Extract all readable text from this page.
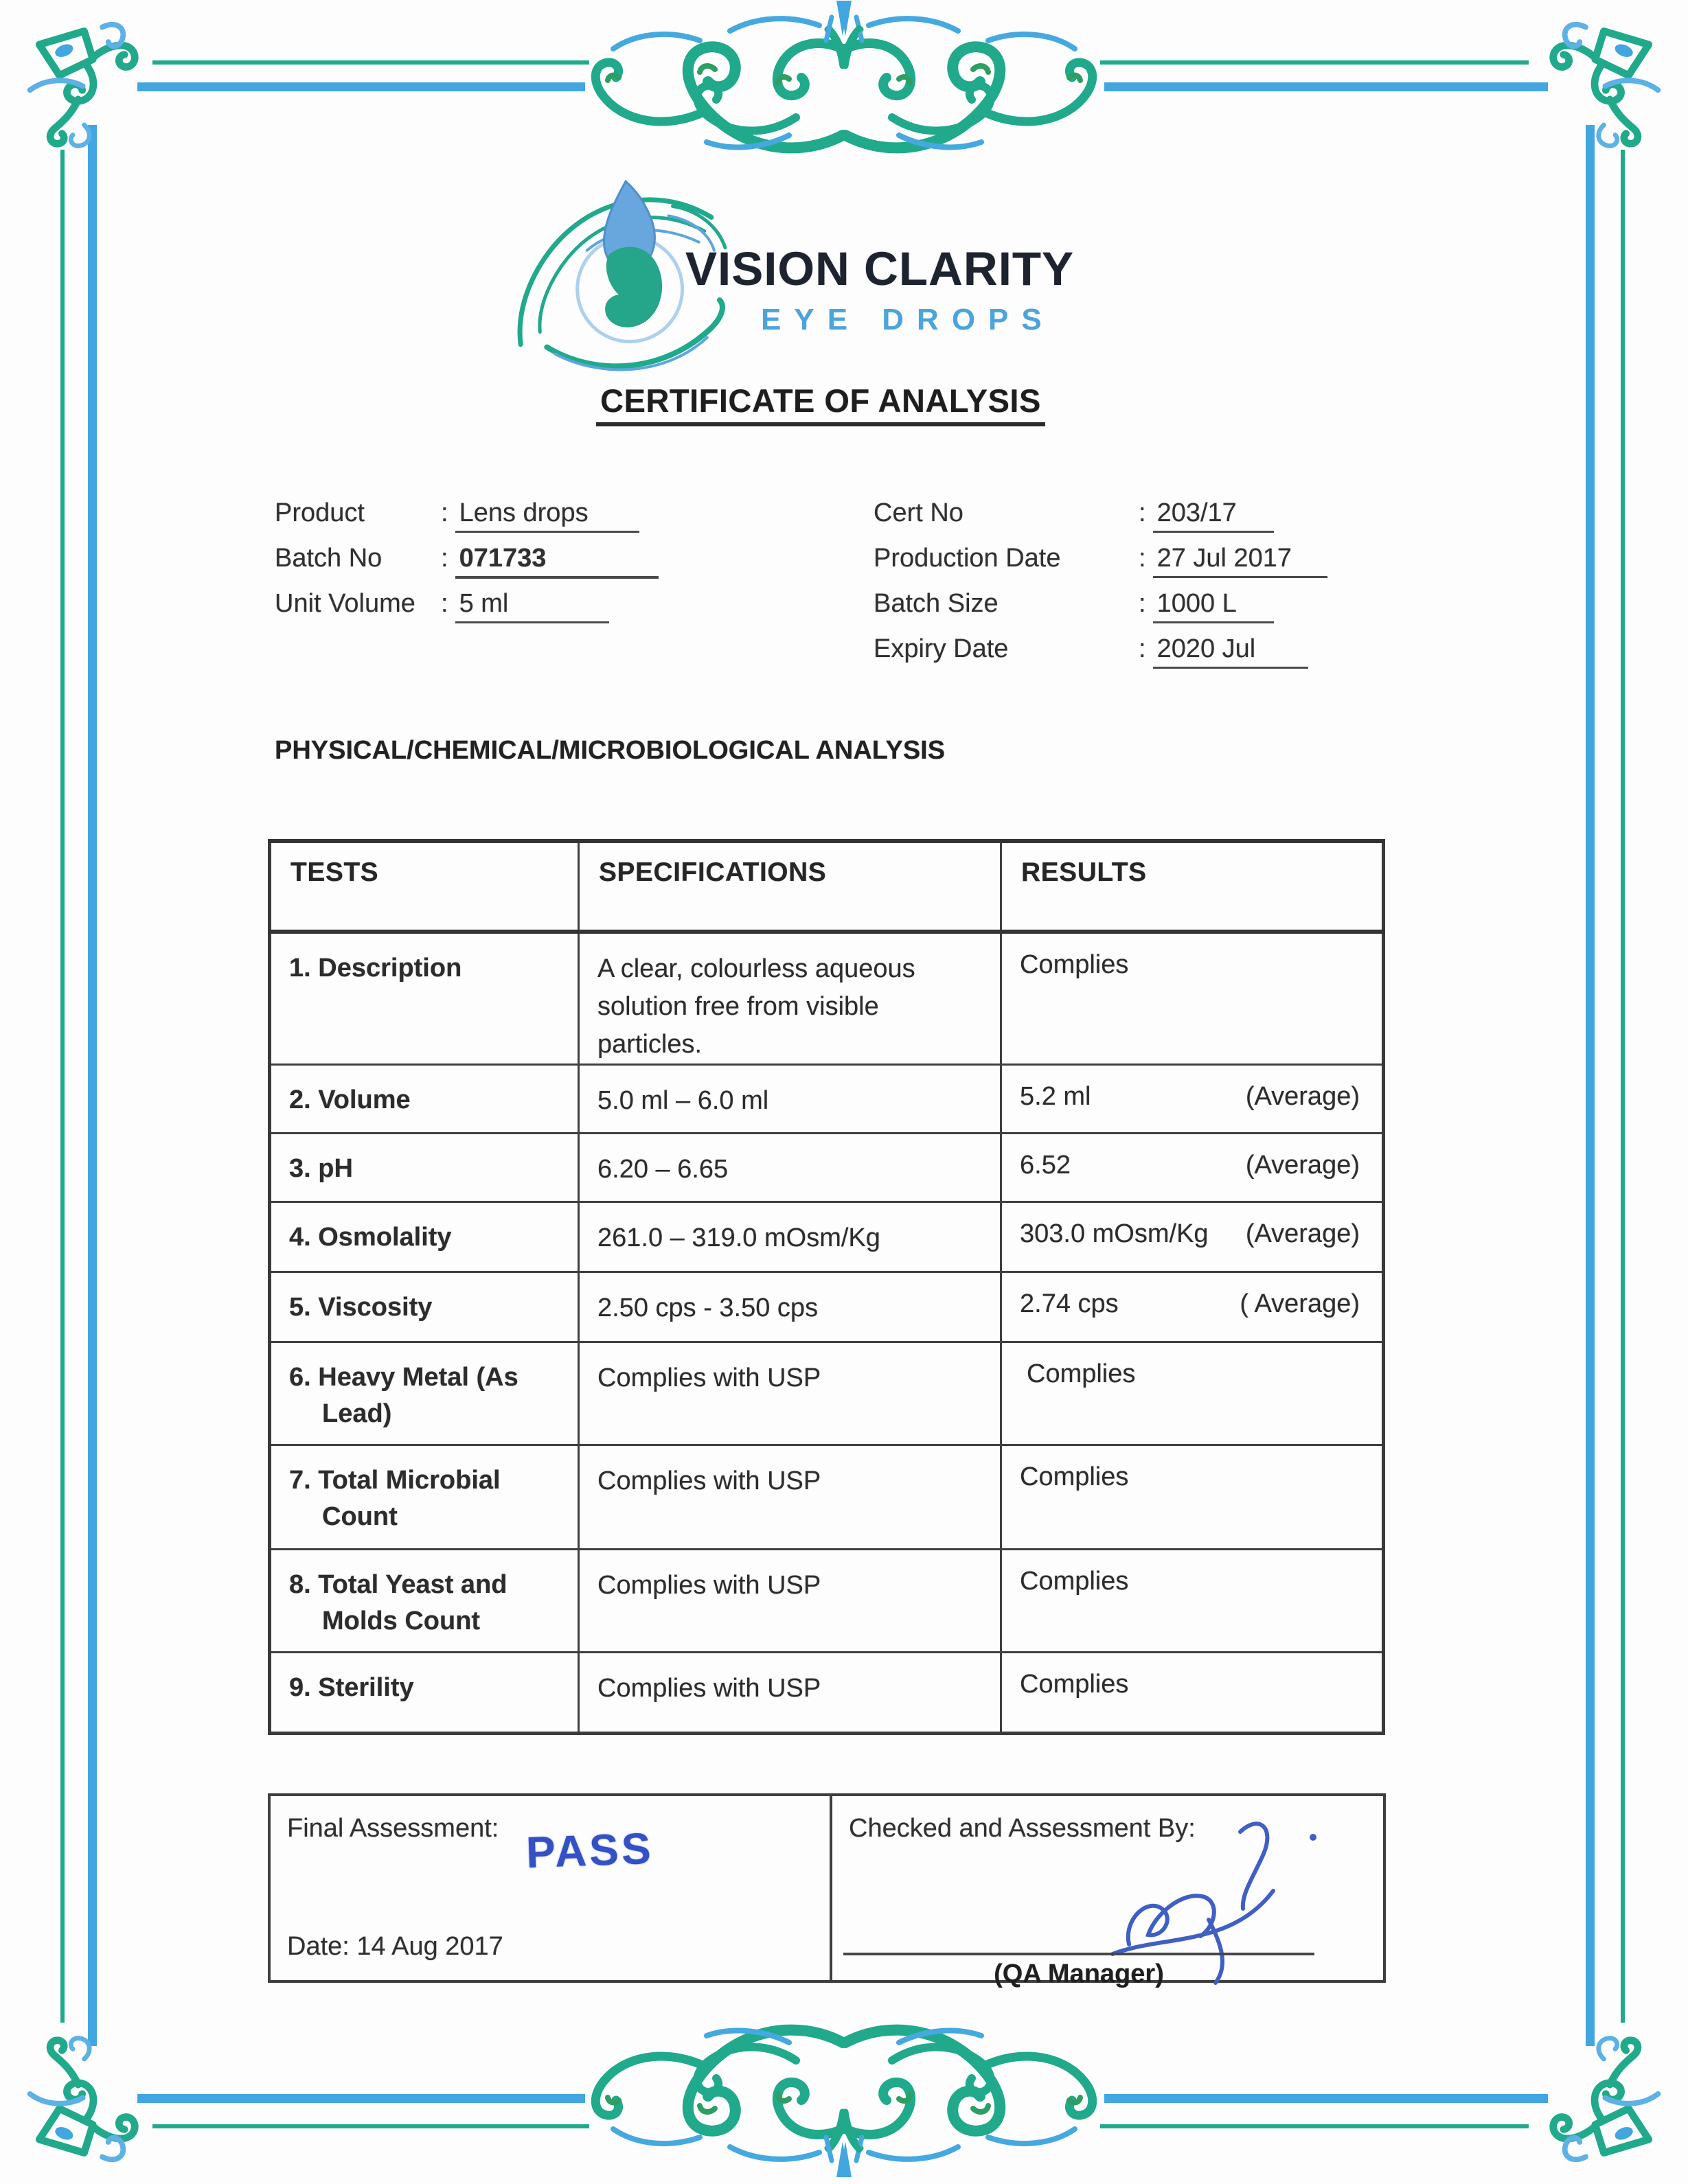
VISION CLARITY
EYE DROPS
CERTIFICATE OF ANALYSIS
Product	: Lens drops
Batch No	: 071733
Unit Volume : 5 ml
Cert No	: 203/17
Production Date	: 27 Jul 2017
Batch Size	: 1000 L
Expiry Date	: 2020 Jul
PHYSICAL/CHEMICAL/MICROBIOLOGICAL ANALYSIS
TESTS	SPECIFICATIONS	RESULTS

1. Description	A clear, colourless aqueous solution free from visible particles.	Complies

2. Volume	5.0 ml – 6.0 ml	5.2 ml (Average)

3. pH	6.20 – 6.65	6.52 (Average)

4. Osmolality	261.0 – 319.0 mOsm/Kg	303.0 mOsm/Kg (Average)

5. Viscosity	2.50 cps - 3.50 cps	2.74 cps ( Average)

6. Heavy Metal (As Lead)	Complies with USP	Complies

7. Total Microbial Count	Complies with USP	Complies

8. Total Yeast and Molds Count	Complies with USP	Complies

9. Sterility	Complies with USP	Complies
Final Assessment: PASS
Date: 14 Aug 2017
Checked and Assessment By:
(QA Manager)
